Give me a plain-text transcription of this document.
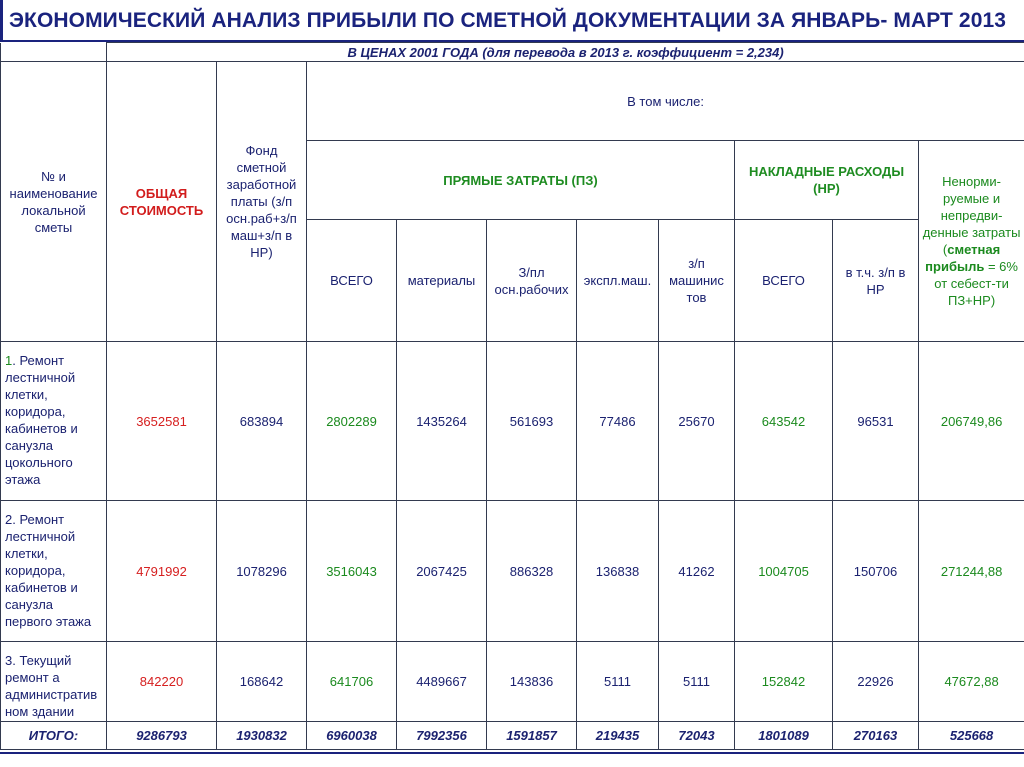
ЭКОНОМИЧЕСКИЙ АНАЛИЗ ПРИБЫЛИ ПО СМЕТНОЙ ДОКУМЕНТАЦИИ ЗА ЯНВАРЬ- МАРТ 2013
	В ЦЕНАХ 2001 ГОДА (для перевода в 2013 г. коэффициент = 2,234)									
№ и наименование локальной сметы	ОБЩАЯ СТОИМОСТЬ	Фонд сметной заработной платы (з/п осн.раб+з/п маш+з/п в НР)	В том числе:							
			ПРЯМЫЕ ЗАТРАТЫ (ПЗ)					НАКЛАДНЫЕ РАСХОДЫ (НР)		Ненорми-руемые и непредви-денные затраты (сметная прибыль = 6% от себест-ти ПЗ+НР)
			ВСЕГО	материалы	З/пл осн.рабочих	экспл.маш.	з/п машинис тов	ВСЕГО	в т.ч. з/п в НР	
1. Ремонт лестничной клетки, коридора, кабинетов и санузла цокольного этажа	3652581	683894	2802289	1435264	561693	77486	25670	643542	96531	206749,86
2. Ремонт лестничной клетки, коридора, кабинетов и санузла первого этажа	4791992	1078296	3516043	2067425	886328	136838	41262	1004705	150706	271244,88
3. Текущий ремонт а административ ном здании	842220	168642	641706	4489667	143836	5111	5111	152842	22926	47672,88
ИТОГО:	9286793	1930832	6960038	7992356	1591857	219435	72043	1801089	270163	525668
